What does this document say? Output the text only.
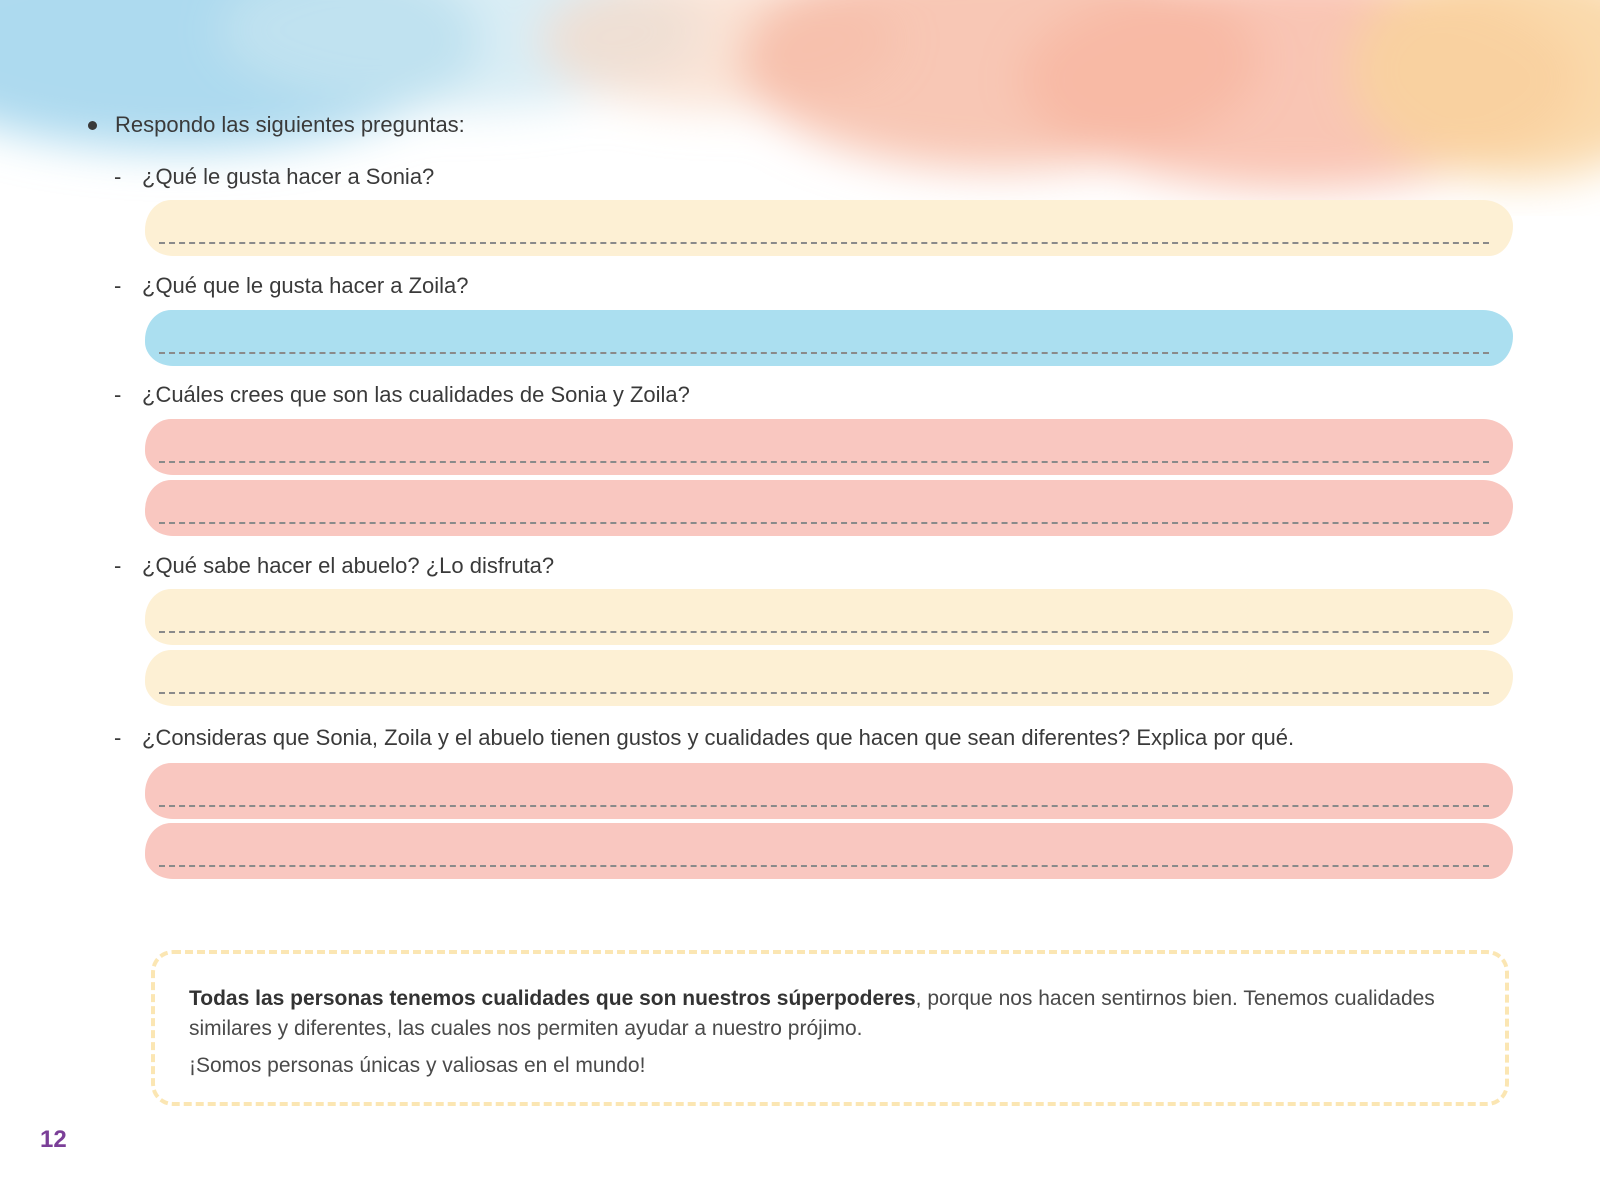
Respondo las siguientes preguntas:
- ¿Qué le gusta hacer a Sonia?
- ¿Qué que le gusta hacer a Zoila?
- ¿Cuáles crees que son las cualidades de Sonia y Zoila?
- ¿Qué sabe hacer el abuelo? ¿Lo disfruta?
- ¿Consideras que Sonia, Zoila y el abuelo tienen gustos y cualidades que hacen que sean diferentes? Explica por qué.
Todas las personas tenemos cualidades que son nuestros súperpoderes, porque nos hacen sentirnos bien. Tenemos cualidades similares y diferentes, las cuales nos permiten ayudar a nuestro prójimo.
¡Somos personas únicas y valiosas en el mundo!
12
